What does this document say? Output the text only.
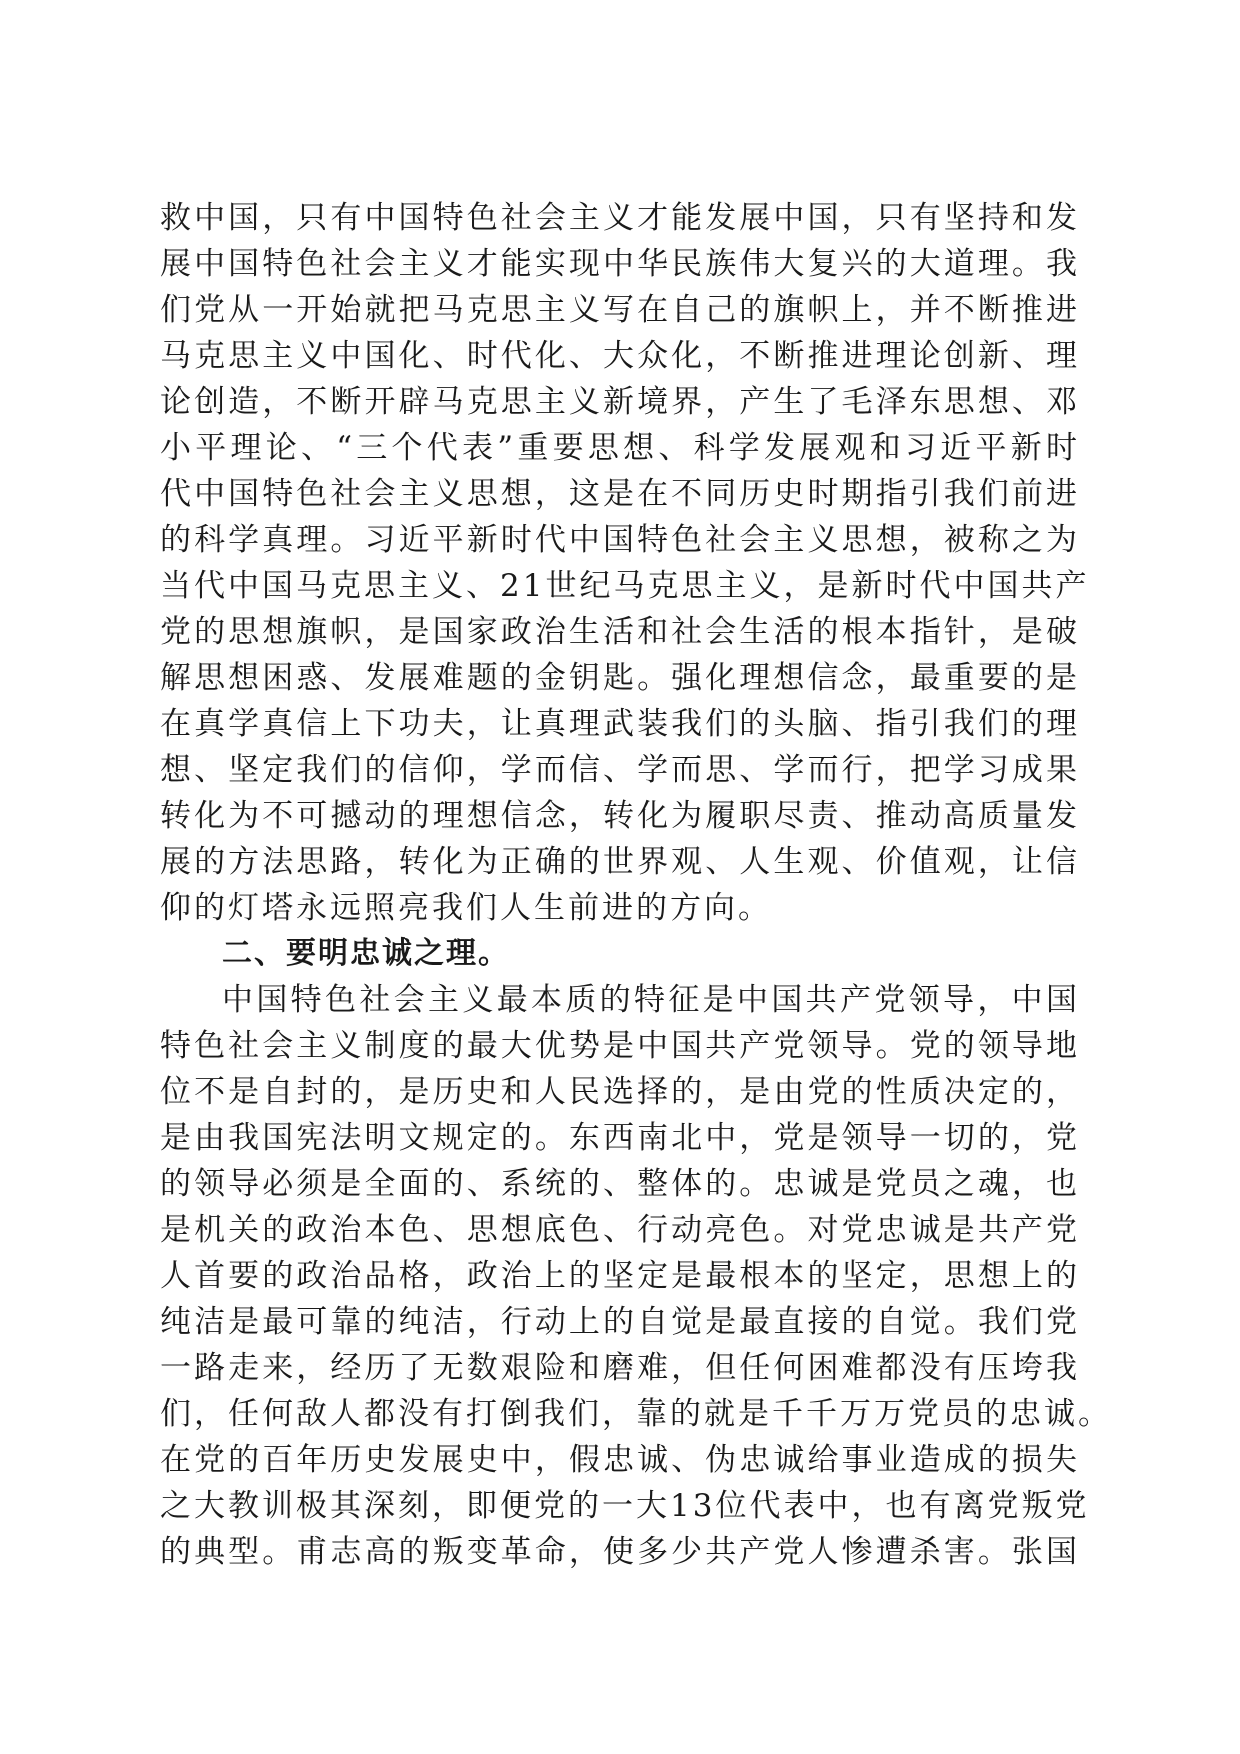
救中国，只有中国特色社会主义才能发展中国，只有坚持和发
展中国特色社会主义才能实现中华民族伟大复兴的大道理。我
们党从一开始就把马克思主义写在自己的旗帜上，并不断推进
马克思主义中国化、时代化、大众化，不断推进理论创新、理
论创造，不断开辟马克思主义新境界，产生了毛泽东思想、邓
小平理论、“三个代表”重要思想、科学发展观和习近平新时
代中国特色社会主义思想，这是在不同历史时期指引我们前进
的科学真理。习近平新时代中国特色社会主义思想，被称之为
当代中国马克思主义、21世纪马克思主义，是新时代中国共产
党的思想旗帜，是国家政治生活和社会生活的根本指针，是破
解思想困惑、发展难题的金钥匙。强化理想信念，最重要的是
在真学真信上下功夫，让真理武装我们的头脑、指引我们的理
想、坚定我们的信仰，学而信、学而思、学而行，把学习成果
转化为不可撼动的理想信念，转化为履职尽责、推动高质量发
展的方法思路，转化为正确的世界观、人生观、价值观，让信
仰的灯塔永远照亮我们人生前进的方向。
二、要明忠诚之理。
中国特色社会主义最本质的特征是中国共产党领导，中国
特色社会主义制度的最大优势是中国共产党领导。党的领导地
位不是自封的，是历史和人民选择的，是由党的性质决定的，
是由我国宪法明文规定的。东西南北中，党是领导一切的，党
的领导必须是全面的、系统的、整体的。忠诚是党员之魂，也
是机关的政治本色、思想底色、行动亮色。对党忠诚是共产党
人首要的政治品格，政治上的坚定是最根本的坚定，思想上的
纯洁是最可靠的纯洁，行动上的自觉是最直接的自觉。我们党
一路走来，经历了无数艰险和磨难，但任何困难都没有压垮我
们，任何敌人都没有打倒我们，靠的就是千千万万党员的忠诚。
在党的百年历史发展史中，假忠诚、伪忠诚给事业造成的损失
之大教训极其深刻，即便党的一大13位代表中，也有离党叛党
的典型。甫志高的叛变革命，使多少共产党人惨遭杀害。张国
